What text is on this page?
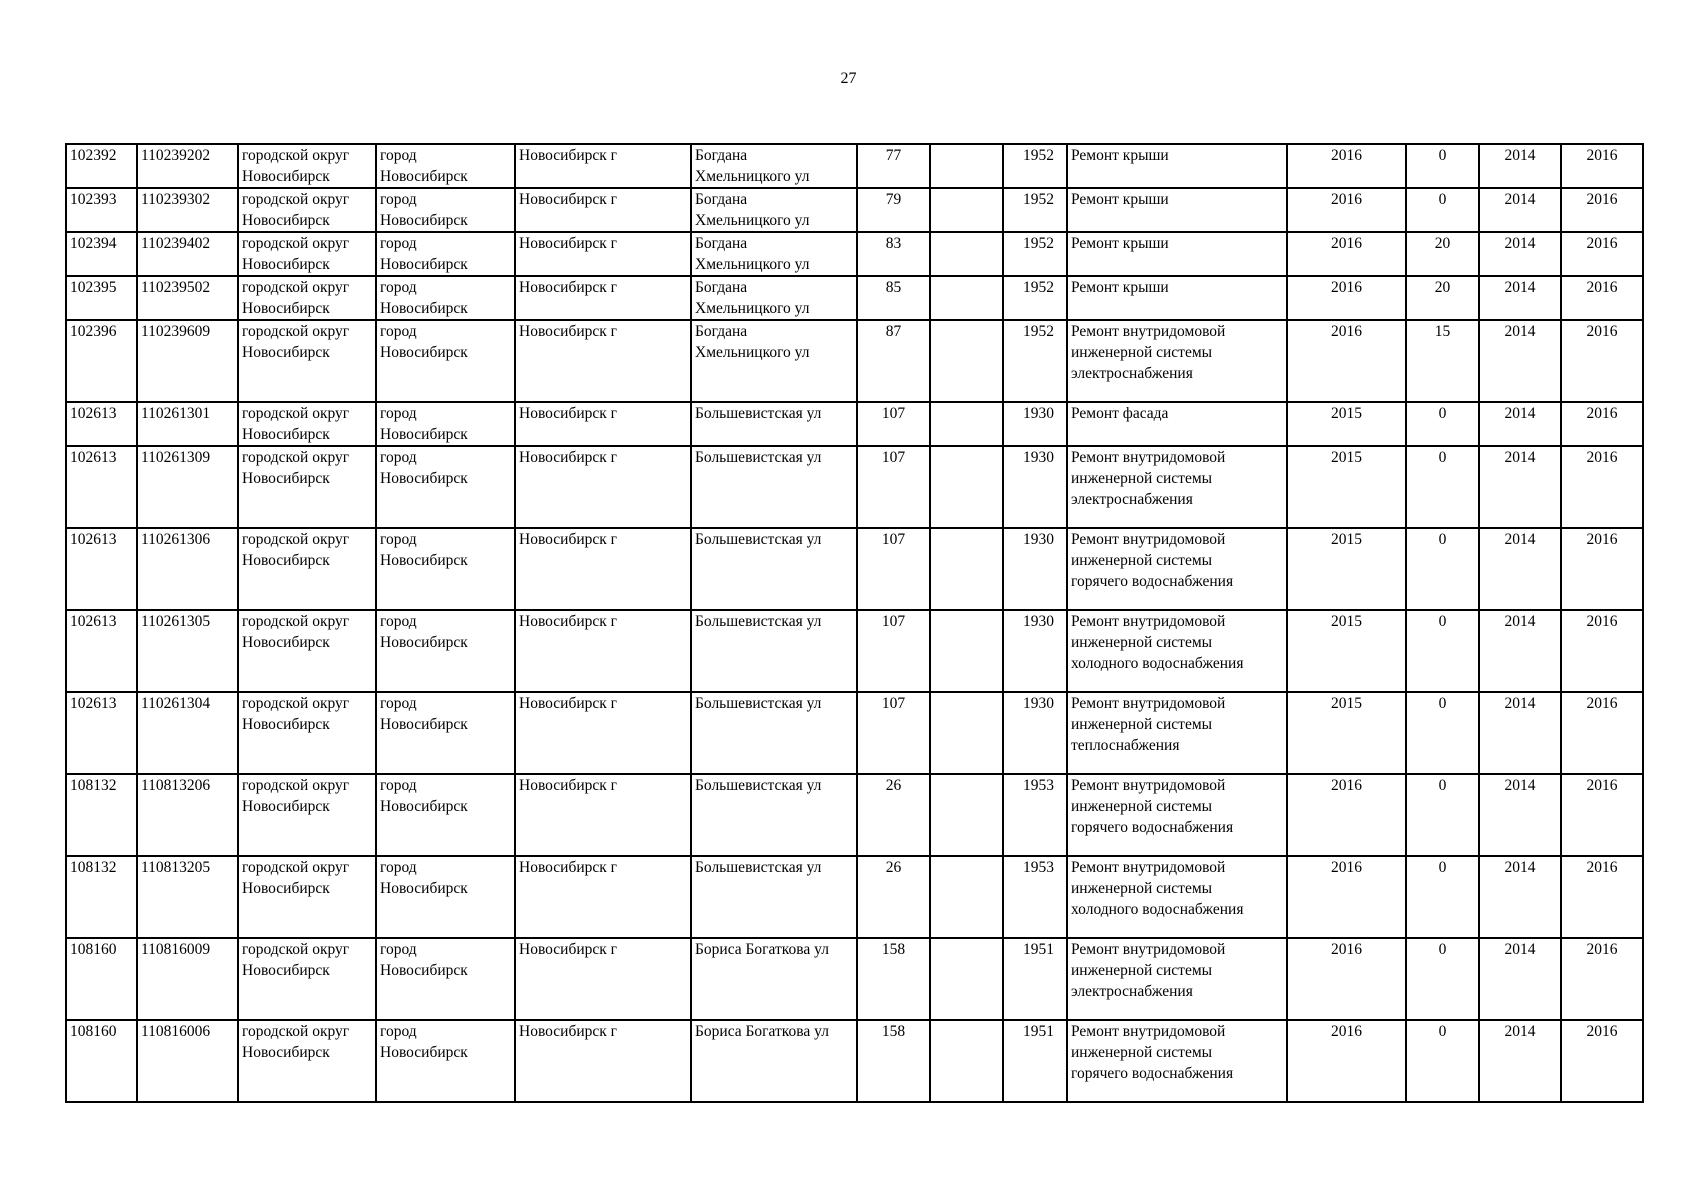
27
102392	110239202	городской округ
Новосибирск	город
Новосибирск	Новосибирск г	Богдана
Хмельницкого ул	77		1952	Ремонт крыши	2016	0	2014	2016
102393	110239302	городской округ
Новосибирск	город
Новосибирск	Новосибирск г	Богдана
Хмельницкого ул	79		1952	Ремонт крыши	2016	0	2014	2016
102394	110239402	городской округ
Новосибирск	город
Новосибирск	Новосибирск г	Богдана
Хмельницкого ул	83		1952	Ремонт крыши	2016	20	2014	2016
102395	110239502	городской округ
Новосибирск	город
Новосибирск	Новосибирск г	Богдана
Хмельницкого ул	85		1952	Ремонт крыши	2016	20	2014	2016
102396	110239609	городской округ
Новосибирск	город
Новосибирск	Новосибирск г	Богдана
Хмельницкого ул	87		1952	Ремонт внутридомовой
инженерной системы
электроснабжения	2016	15	2014	2016
102613	110261301	городской округ
Новосибирск	город
Новосибирск	Новосибирск г	Большевистская ул	107		1930	Ремонт фасада	2015	0	2014	2016
102613	110261309	городской округ
Новосибирск	город
Новосибирск	Новосибирск г	Большевистская ул	107		1930	Ремонт внутридомовой
инженерной системы
электроснабжения	2015	0	2014	2016
102613	110261306	городской округ
Новосибирск	город
Новосибирск	Новосибирск г	Большевистская ул	107		1930	Ремонт внутридомовой
инженерной системы
горячего водоснабжения	2015	0	2014	2016
102613	110261305	городской округ
Новосибирск	город
Новосибирск	Новосибирск г	Большевистская ул	107		1930	Ремонт внутридомовой
инженерной системы
холодного водоснабжения	2015	0	2014	2016
102613	110261304	городской округ
Новосибирск	город
Новосибирск	Новосибирск г	Большевистская ул	107		1930	Ремонт внутридомовой
инженерной системы
теплоснабжения	2015	0	2014	2016
108132	110813206	городской округ
Новосибирск	город
Новосибирск	Новосибирск г	Большевистская ул	26		1953	Ремонт внутридомовой
инженерной системы
горячего водоснабжения	2016	0	2014	2016
108132	110813205	городской округ
Новосибирск	город
Новосибирск	Новосибирск г	Большевистская ул	26		1953	Ремонт внутридомовой
инженерной системы
холодного водоснабжения	2016	0	2014	2016
108160	110816009	городской округ
Новосибирск	город
Новосибирск	Новосибирск г	Бориса Богаткова ул	158		1951	Ремонт внутридомовой
инженерной системы
электроснабжения	2016	0	2014	2016
108160	110816006	городской округ
Новосибирск	город
Новосибирск	Новосибирск г	Бориса Богаткова ул	158		1951	Ремонт внутридомовой
инженерной системы
горячего водоснабжения	2016	0	2014	2016
